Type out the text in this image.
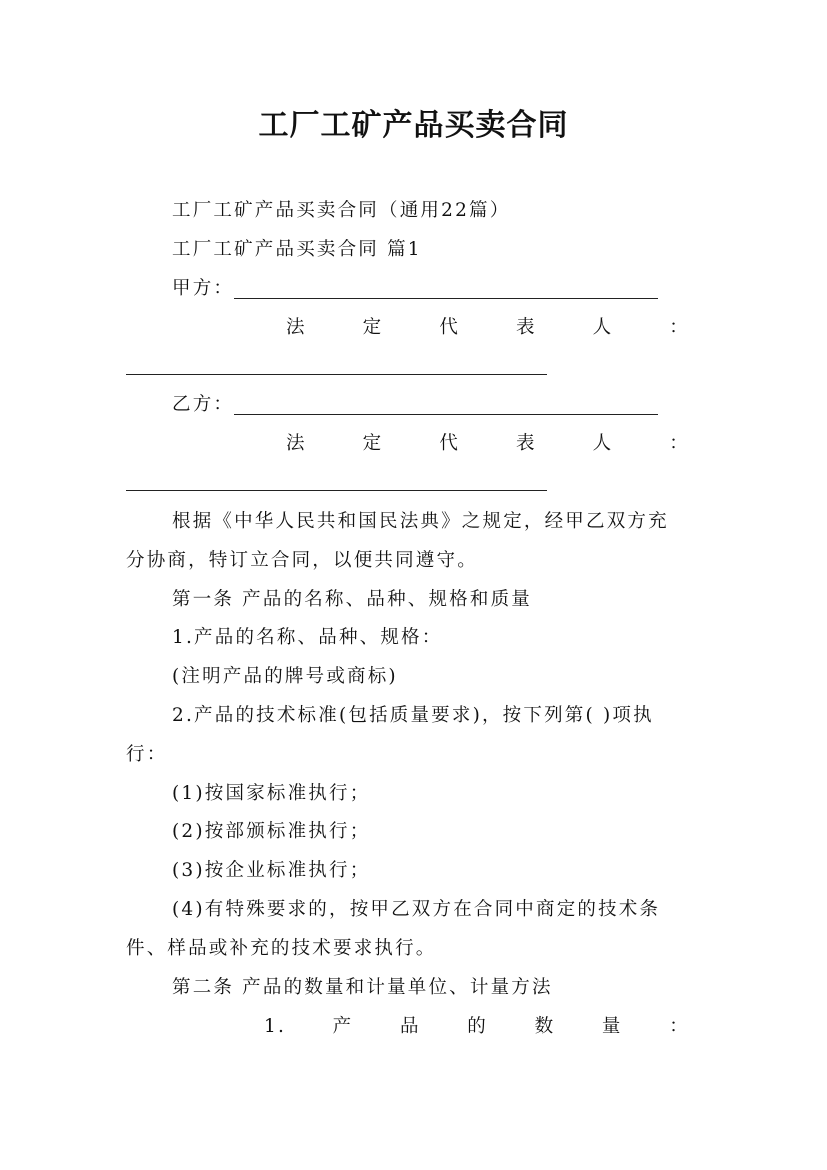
工厂工矿产品买卖合同
工厂工矿产品买卖合同（通用22篇）
工厂工矿产品买卖合同 篇1
甲方：
法	定	代	表	人	：
乙方：
法	定	代	表	人	：
根据《中华人民共和国民法典》之规定，经甲乙双方充
分协商，特订立合同，以便共同遵守。
第一条 产品的名称、品种、规格和质量
1.产品的名称、品种、规格：
(注明产品的牌号或商标)
2.产品的技术标准(包括质量要求)，按下列第( )项执
行：
(1)按国家标准执行；
(2)按部颁标准执行；
(3)按企业标准执行；
(4)有特殊要求的，按甲乙双方在合同中商定的技术条
件、样品或补充的技术要求执行。
第二条 产品的数量和计量单位、计量方法
1.	产	品	的	数	量	：
